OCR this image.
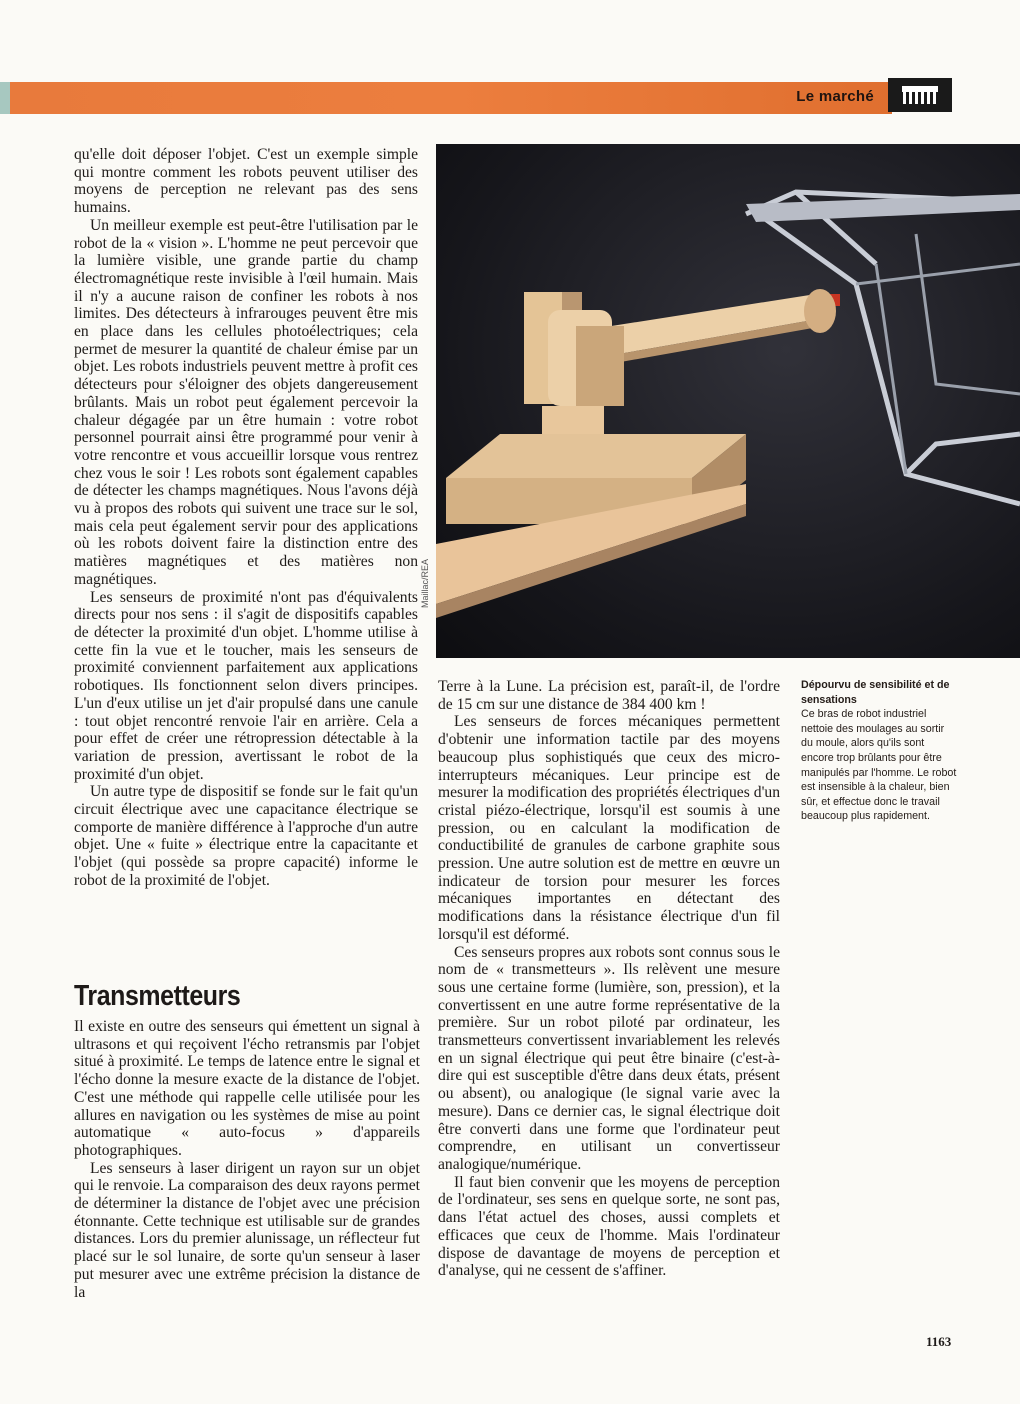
Le marché

qu'elle doit déposer l'objet. C'est un exemple simple qui montre comment les robots peuvent utiliser des moyens de perception ne relevant pas des sens humains.

Un meilleur exemple est peut-être l'utilisation par le robot de la « vision ». L'homme ne peut percevoir que la lumière visible, une grande partie du champ électromagnétique reste invisible à l'œil humain. Mais il n'y a aucune raison de confiner les robots à nos limites. Des détecteurs à infrarouges peuvent être mis en place dans les cellules photoélectriques; cela permet de mesurer la quantité de chaleur émise par un objet. Les robots industriels peuvent mettre à profit ces détecteurs pour s'éloigner des objets dangereusement brûlants. Mais un robot peut également percevoir la chaleur dégagée par un être humain : votre robot personnel pourrait ainsi être programmé pour venir à votre rencontre et vous accueillir lorsque vous rentrez chez vous le soir ! Les robots sont également capables de détecter les champs magnétiques. Nous l'avons déjà vu à propos des robots qui suivent une trace sur le sol, mais cela peut également servir pour des applications où les robots doivent faire la distinction entre des matières magnétiques et des matières non magnétiques.

Les senseurs de proximité n'ont pas d'équivalents directs pour nos sens : il s'agit de dispositifs capables de détecter la proximité d'un objet. L'homme utilise à cette fin la vue et le toucher, mais les senseurs de proximité conviennent parfaitement aux applications robotiques. Ils fonctionnent selon divers principes. L'un d'eux utilise un jet d'air propulsé dans une canule : tout objet rencontré renvoie l'air en arrière. Cela a pour effet de créer une rétropression détectable à la variation de pression, avertissant le robot de la proximité d'un objet.

Un autre type de dispositif se fonde sur le fait qu'un circuit électrique avec une capacitance électrique se comporte de manière différence à l'approche d'un autre objet. Une « fuite » électrique entre la capacitante et l'objet (qui possède sa propre capacité) informe le robot de la proximité de l'objet.

Transmetteurs

Il existe en outre des senseurs qui émettent un signal à ultrasons et qui reçoivent l'écho retransmis par l'objet situé à proximité. Le temps de latence entre le signal et l'écho donne la mesure exacte de la distance de l'objet. C'est une méthode qui rappelle celle utilisée pour les allures en navigation ou les systèmes de mise au point automatique « auto-focus » d'appareils photographiques.

Les senseurs à laser dirigent un rayon sur un objet qui le renvoie. La comparaison des deux rayons permet de déterminer la distance de l'objet avec une précision étonnante. Cette technique est utilisable sur de grandes distances. Lors du premier alunissage, un réflecteur fut placé sur le sol lunaire, de sorte qu'un senseur à laser put mesurer avec une extrême précision la distance de la

Maillac/REA

Terre à la Lune. La précision est, paraît-il, de l'ordre de 15 cm sur une distance de 384 400 km !

Les senseurs de forces mécaniques permettent d'obtenir une information tactile par des moyens beaucoup plus sophistiqués que ceux des micro-interrupteurs mécaniques. Leur principe est de mesurer la modification des propriétés électriques d'un cristal piézo-électrique, lorsqu'il est soumis à une pression, ou en calculant la modification de conductibilité de granules de carbone graphite sous pression. Une autre solution est de mettre en œuvre un indicateur de torsion pour mesurer les forces mécaniques importantes en détectant des modifications dans la résistance électrique d'un fil lorsqu'il est déformé.

Ces senseurs propres aux robots sont connus sous le nom de « transmetteurs ». Ils relèvent une mesure sous une certaine forme (lumière, son, pression), et la convertissent en une autre forme représentative de la première. Sur un robot piloté par ordinateur, les transmetteurs convertissent invariablement les relevés en un signal électrique qui peut être binaire (c'est-à-dire qui est susceptible d'être dans deux états, présent ou absent), ou analogique (le signal varie avec la mesure). Dans ce dernier cas, le signal électrique doit être converti dans une forme que l'ordinateur peut comprendre, en utilisant un convertisseur analogique/numérique.

Il faut bien convenir que les moyens de perception de l'ordinateur, ses sens en quelque sorte, ne sont pas, dans l'état actuel des choses, aussi complets et efficaces que ceux de l'homme. Mais l'ordinateur dispose de davantage de moyens de perception et d'analyse, qui ne cessent de s'affiner.

Dépourvu de sensibilité et de sensations
Ce bras de robot industriel nettoie des moulages au sortir du moule, alors qu'ils sont encore trop brûlants pour être manipulés par l'homme. Le robot est insensible à la chaleur, bien sûr, et effectue donc le travail beaucoup plus rapidement.
1163
